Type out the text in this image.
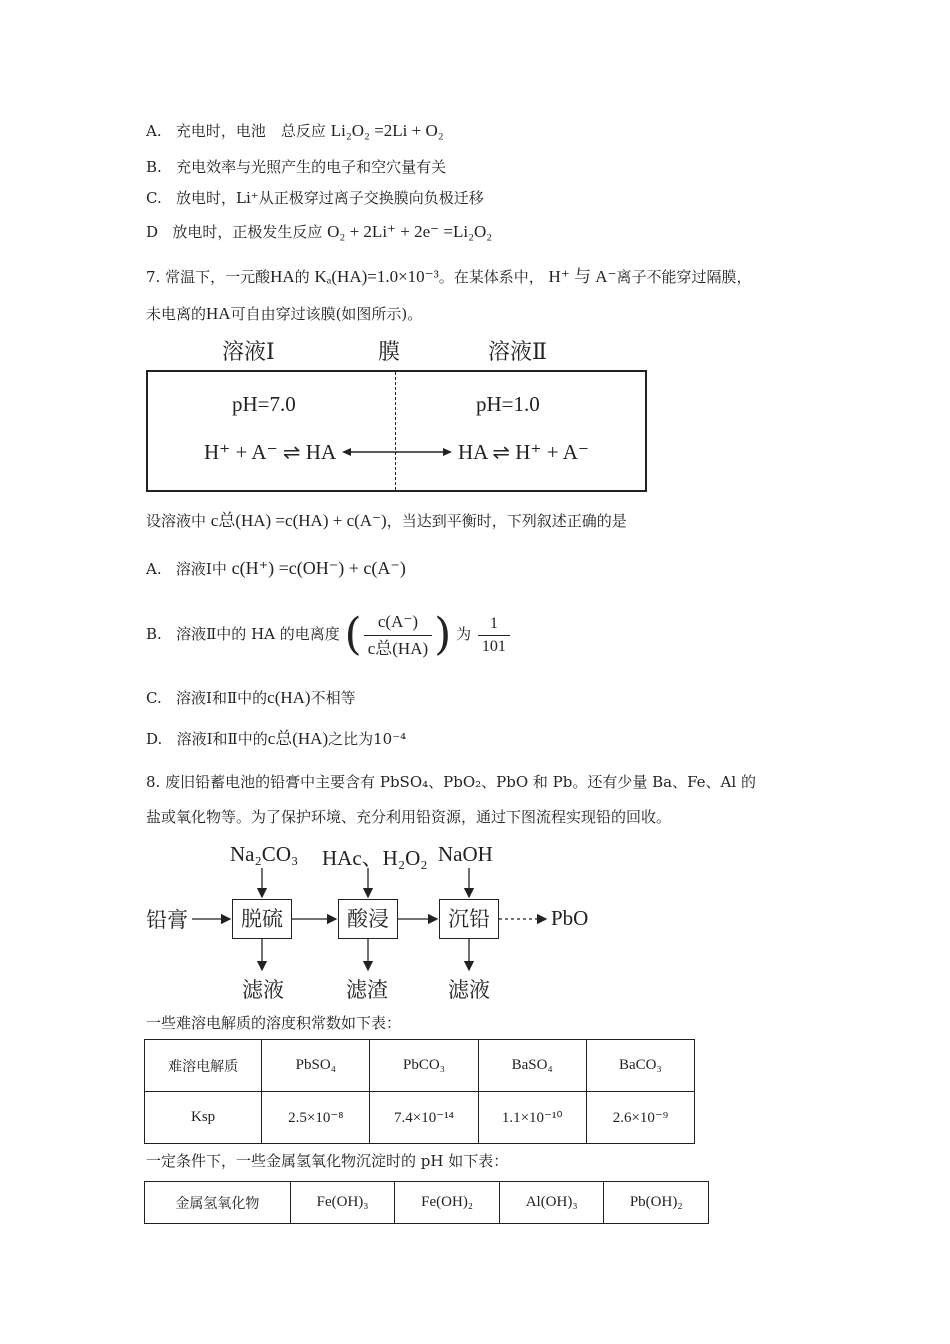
A. 充电时，电池　总反应 Li₂O₂ =2Li + O₂
B. 充电效率与光照产生的电子和空穴量有关
C. 放电时，Li⁺从正极穿过离子交换膜向负极迁移
D 放电时，正极发生反应 O₂ + 2Li⁺ + 2e⁻ =Li₂O₂
7. 常温下，一元酸HA的 Kₐ(HA)=1.0×10⁻³。在某体系中， H⁺ 与 A⁻离子不能穿过隔膜，
未电离的HA可自由穿过该膜(如图所示)。
溶液Ⅰ	膜	溶液Ⅱ
pH=7.0	pH=1.0
H⁺ + A⁻ ⇌ HA	HA ⇌ H⁺ + A⁻
设溶液中 c总(HA) =c(HA) + c(A⁻)，当达到平衡时，下列叙述正确的是
A. 溶液Ⅰ中 c(H⁺) =c(OH⁻) + c(A⁻)
B. 溶液Ⅱ中的 HA 的电离度 ( $\frac{c(A^-)}{\text{c总(HA)}}$ ) 为 $\frac{1}{101}$
C. 溶液Ⅰ和Ⅱ中的c(HA)不相等
D. 溶液Ⅰ和Ⅱ中的c总(HA)之比为10⁻⁴
8. 废旧铅蓄电池的铅膏中主要含有 PbSO₄、PbO₂、PbO 和 Pb。还有少量 Ba、Fe、Al 的
盐或氧化物等。为了保护环境、充分利用铅资源，通过下图流程实现铅的回收。
Na₂CO₃ HAc、H₂O₂ NaOH
铅膏	脱硫	酸浸	沉铅	PbO
滤液	滤渣	滤液
一些难溶电解质的溶度积常数如下表：
难溶电解质	PbSO₄	PbCO₃	BaSO₄	BaCO₃
Ksp	2.5×10⁻⁸	7.4×10⁻¹⁴	1.1×10⁻¹⁰	2.6×10⁻⁹
一定条件下，一些金属氢氧化物沉淀时的 pH 如下表：
金属氢氧化物	Fe(OH)₃	Fe(OH)₂	Al(OH)₃	Pb(OH)₂
